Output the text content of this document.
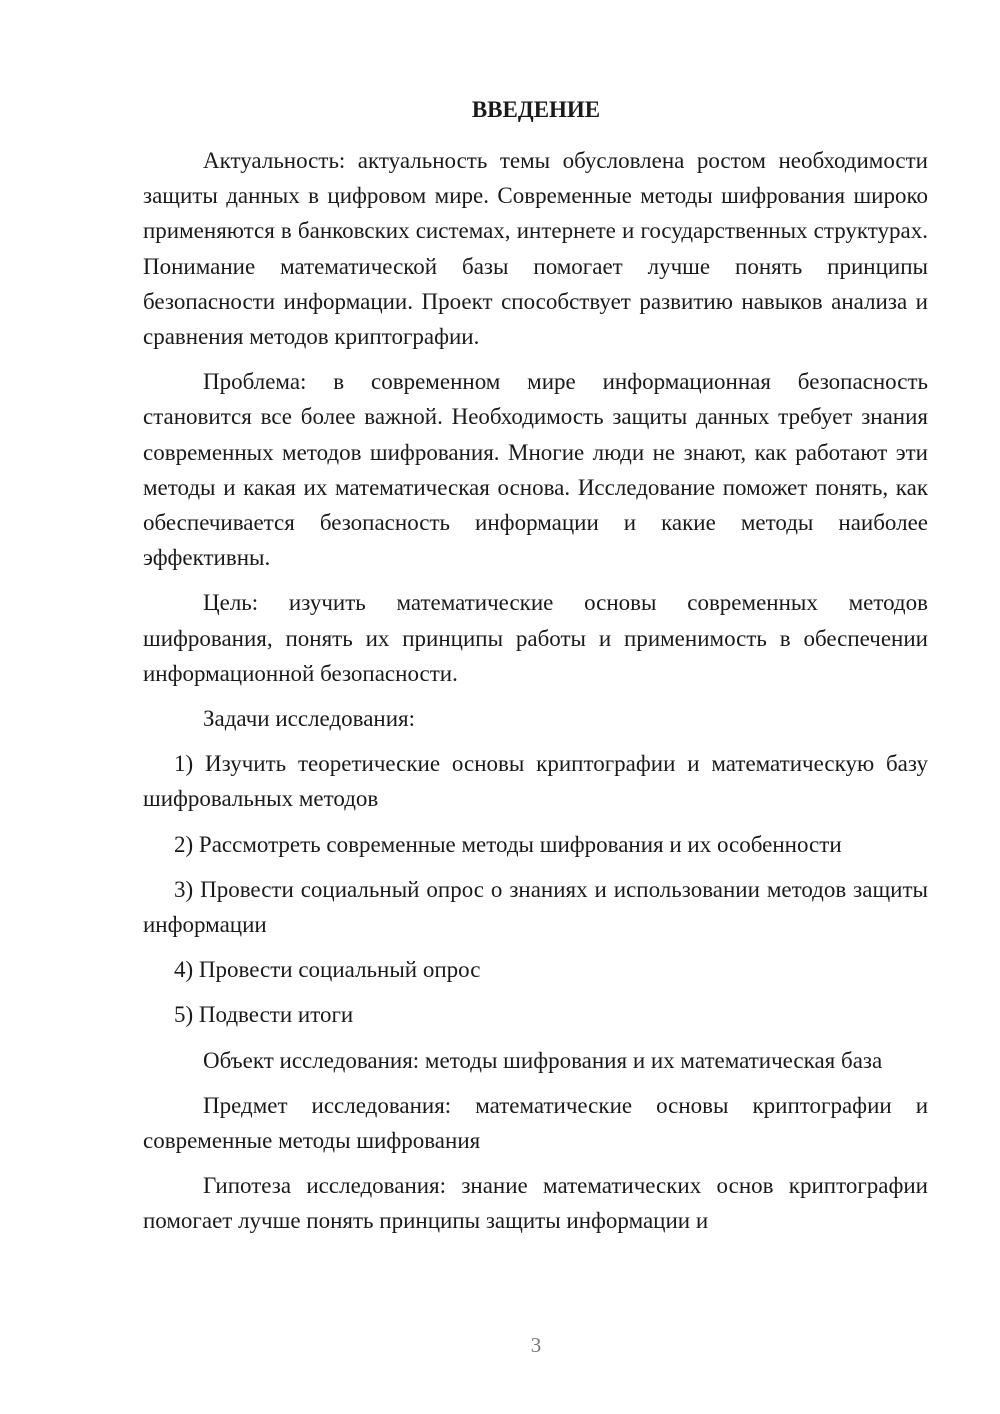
ВВЕДЕНИЕ

Актуальность: актуальность темы обусловлена ростом необходимости защиты данных в цифровом мире. Современные методы шифрования широко применяются в банковских системах, интернете и государственных структурах. Понимание математической базы помогает лучше понять принципы безопасности информации. Проект способствует развитию навыков анализа и сравнения методов криптографии.

Проблема: в современном мире информационная безопасность становится все более важной. Необходимость защиты данных требует знания современных методов шифрования. Многие люди не знают, как работают эти методы и какая их математическая основа. Исследование поможет понять, как обеспечивается безопасность информации и какие методы наиболее эффективны.

Цель: изучить математические основы современных методов шифрования, понять их принципы работы и применимость в обеспечении информационной безопасности.

Задачи исследования:

1) Изучить теоретические основы криптографии и математическую базу шифровальных методов

2) Рассмотреть современные методы шифрования и их особенности

3) Провести социальный опрос о знаниях и использовании методов защиты информации

4) Провести социальный опрос

5) Подвести итоги

Объект исследования: методы шифрования и их математическая база

Предмет исследования: математические основы криптографии и современные методы шифрования

Гипотеза исследования: знание математических основ криптографии помогает лучше понять принципы защиты информации и

3
